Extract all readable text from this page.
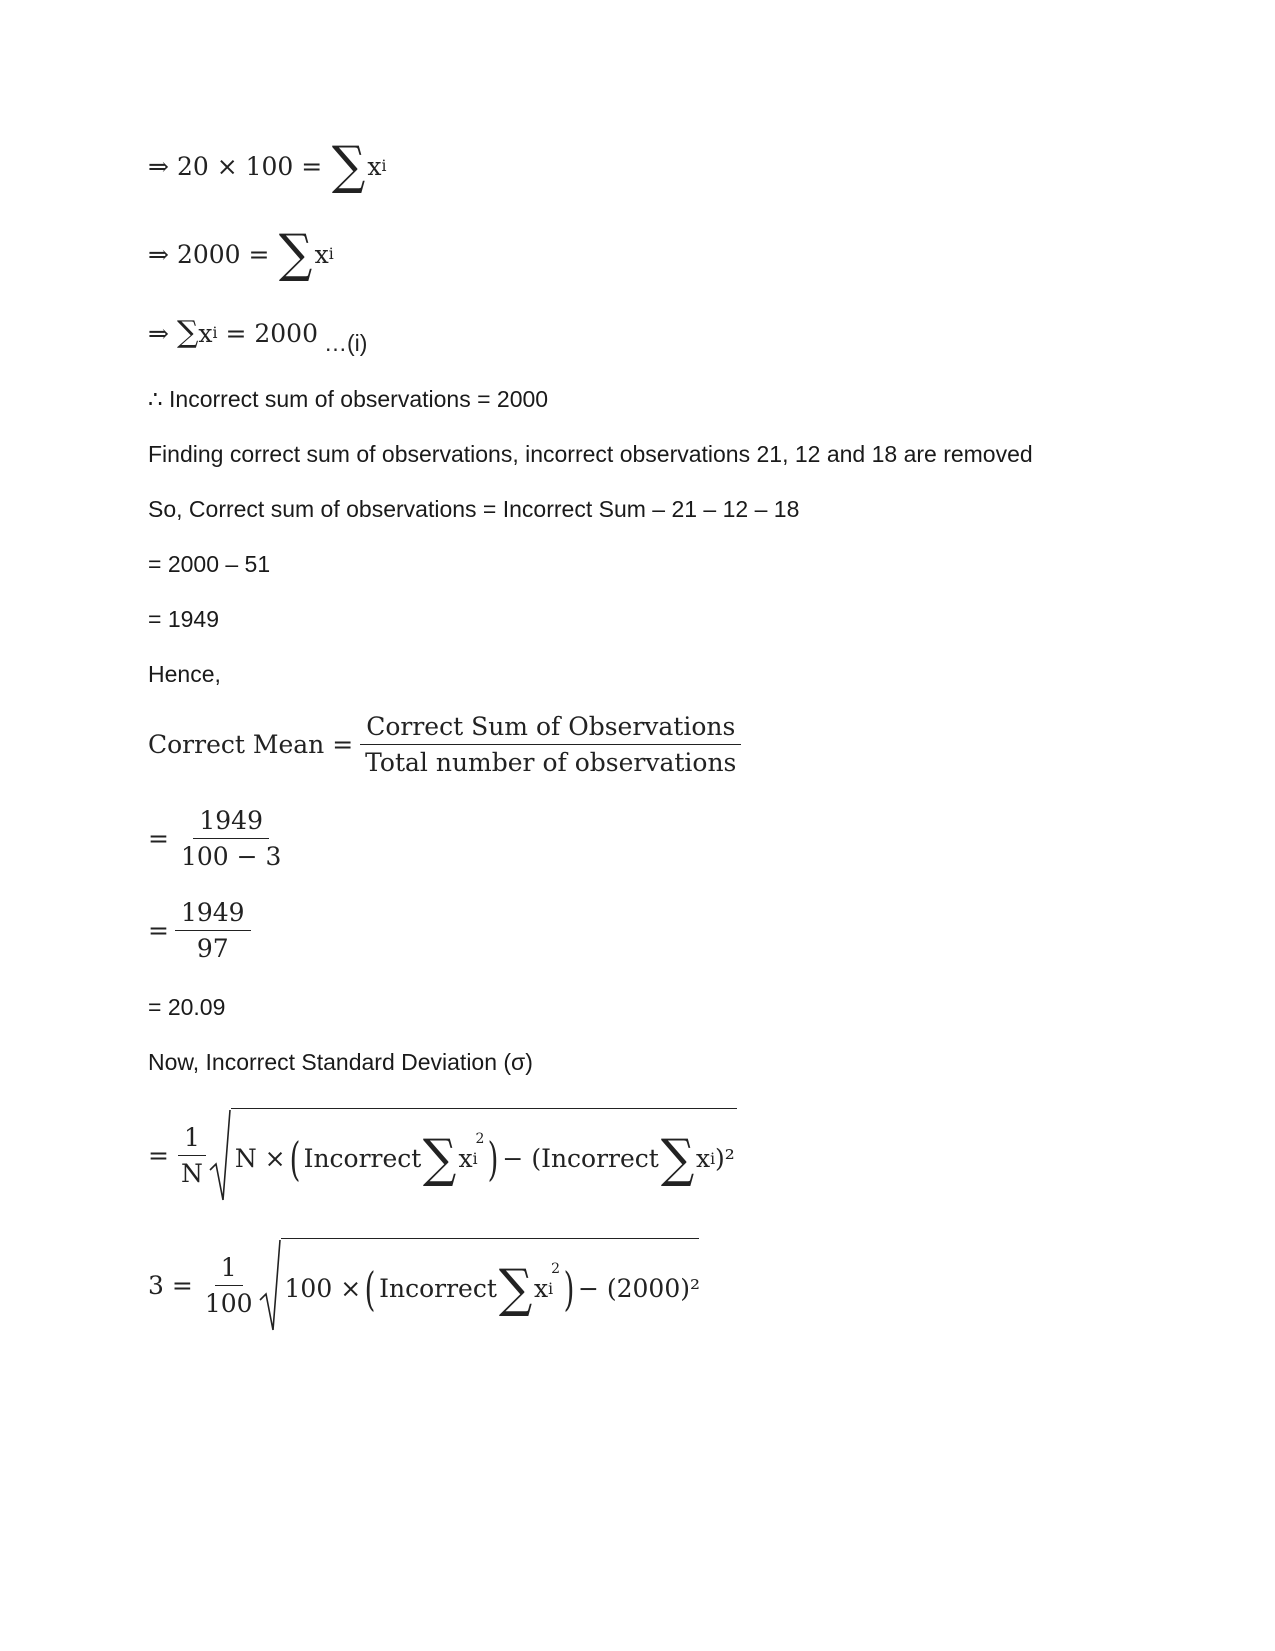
⇒ 20 × 100 = ∑ x i
⇒ 2000 = ∑ x i
⇒ ∑ x i = 2000 …(i)
∴ Incorrect sum of observations = 2000
Finding correct sum of observations, incorrect observations 21, 12 and 18 are removed
So, Correct sum of observations = Incorrect Sum – 21 – 12 – 18
= 2000 – 51
= 1949
Hence,
Correct Mean = $\frac{\text{Correct Sum of Observations}}{\text{Total number of observations}}$
= $\frac{1949}{100 - 3}$
= $\frac{1949}{97}$
= 20.09
Now, Incorrect Standard Deviation (σ)
= $\frac{1}{N}$ N × ( Incorrect ∑ x i
2 ) − (Incorrect ∑ x i )²
$3 = \frac{1}{100} 100$ × ( Incorrect ∑ x i
2 ) − (2000)²
